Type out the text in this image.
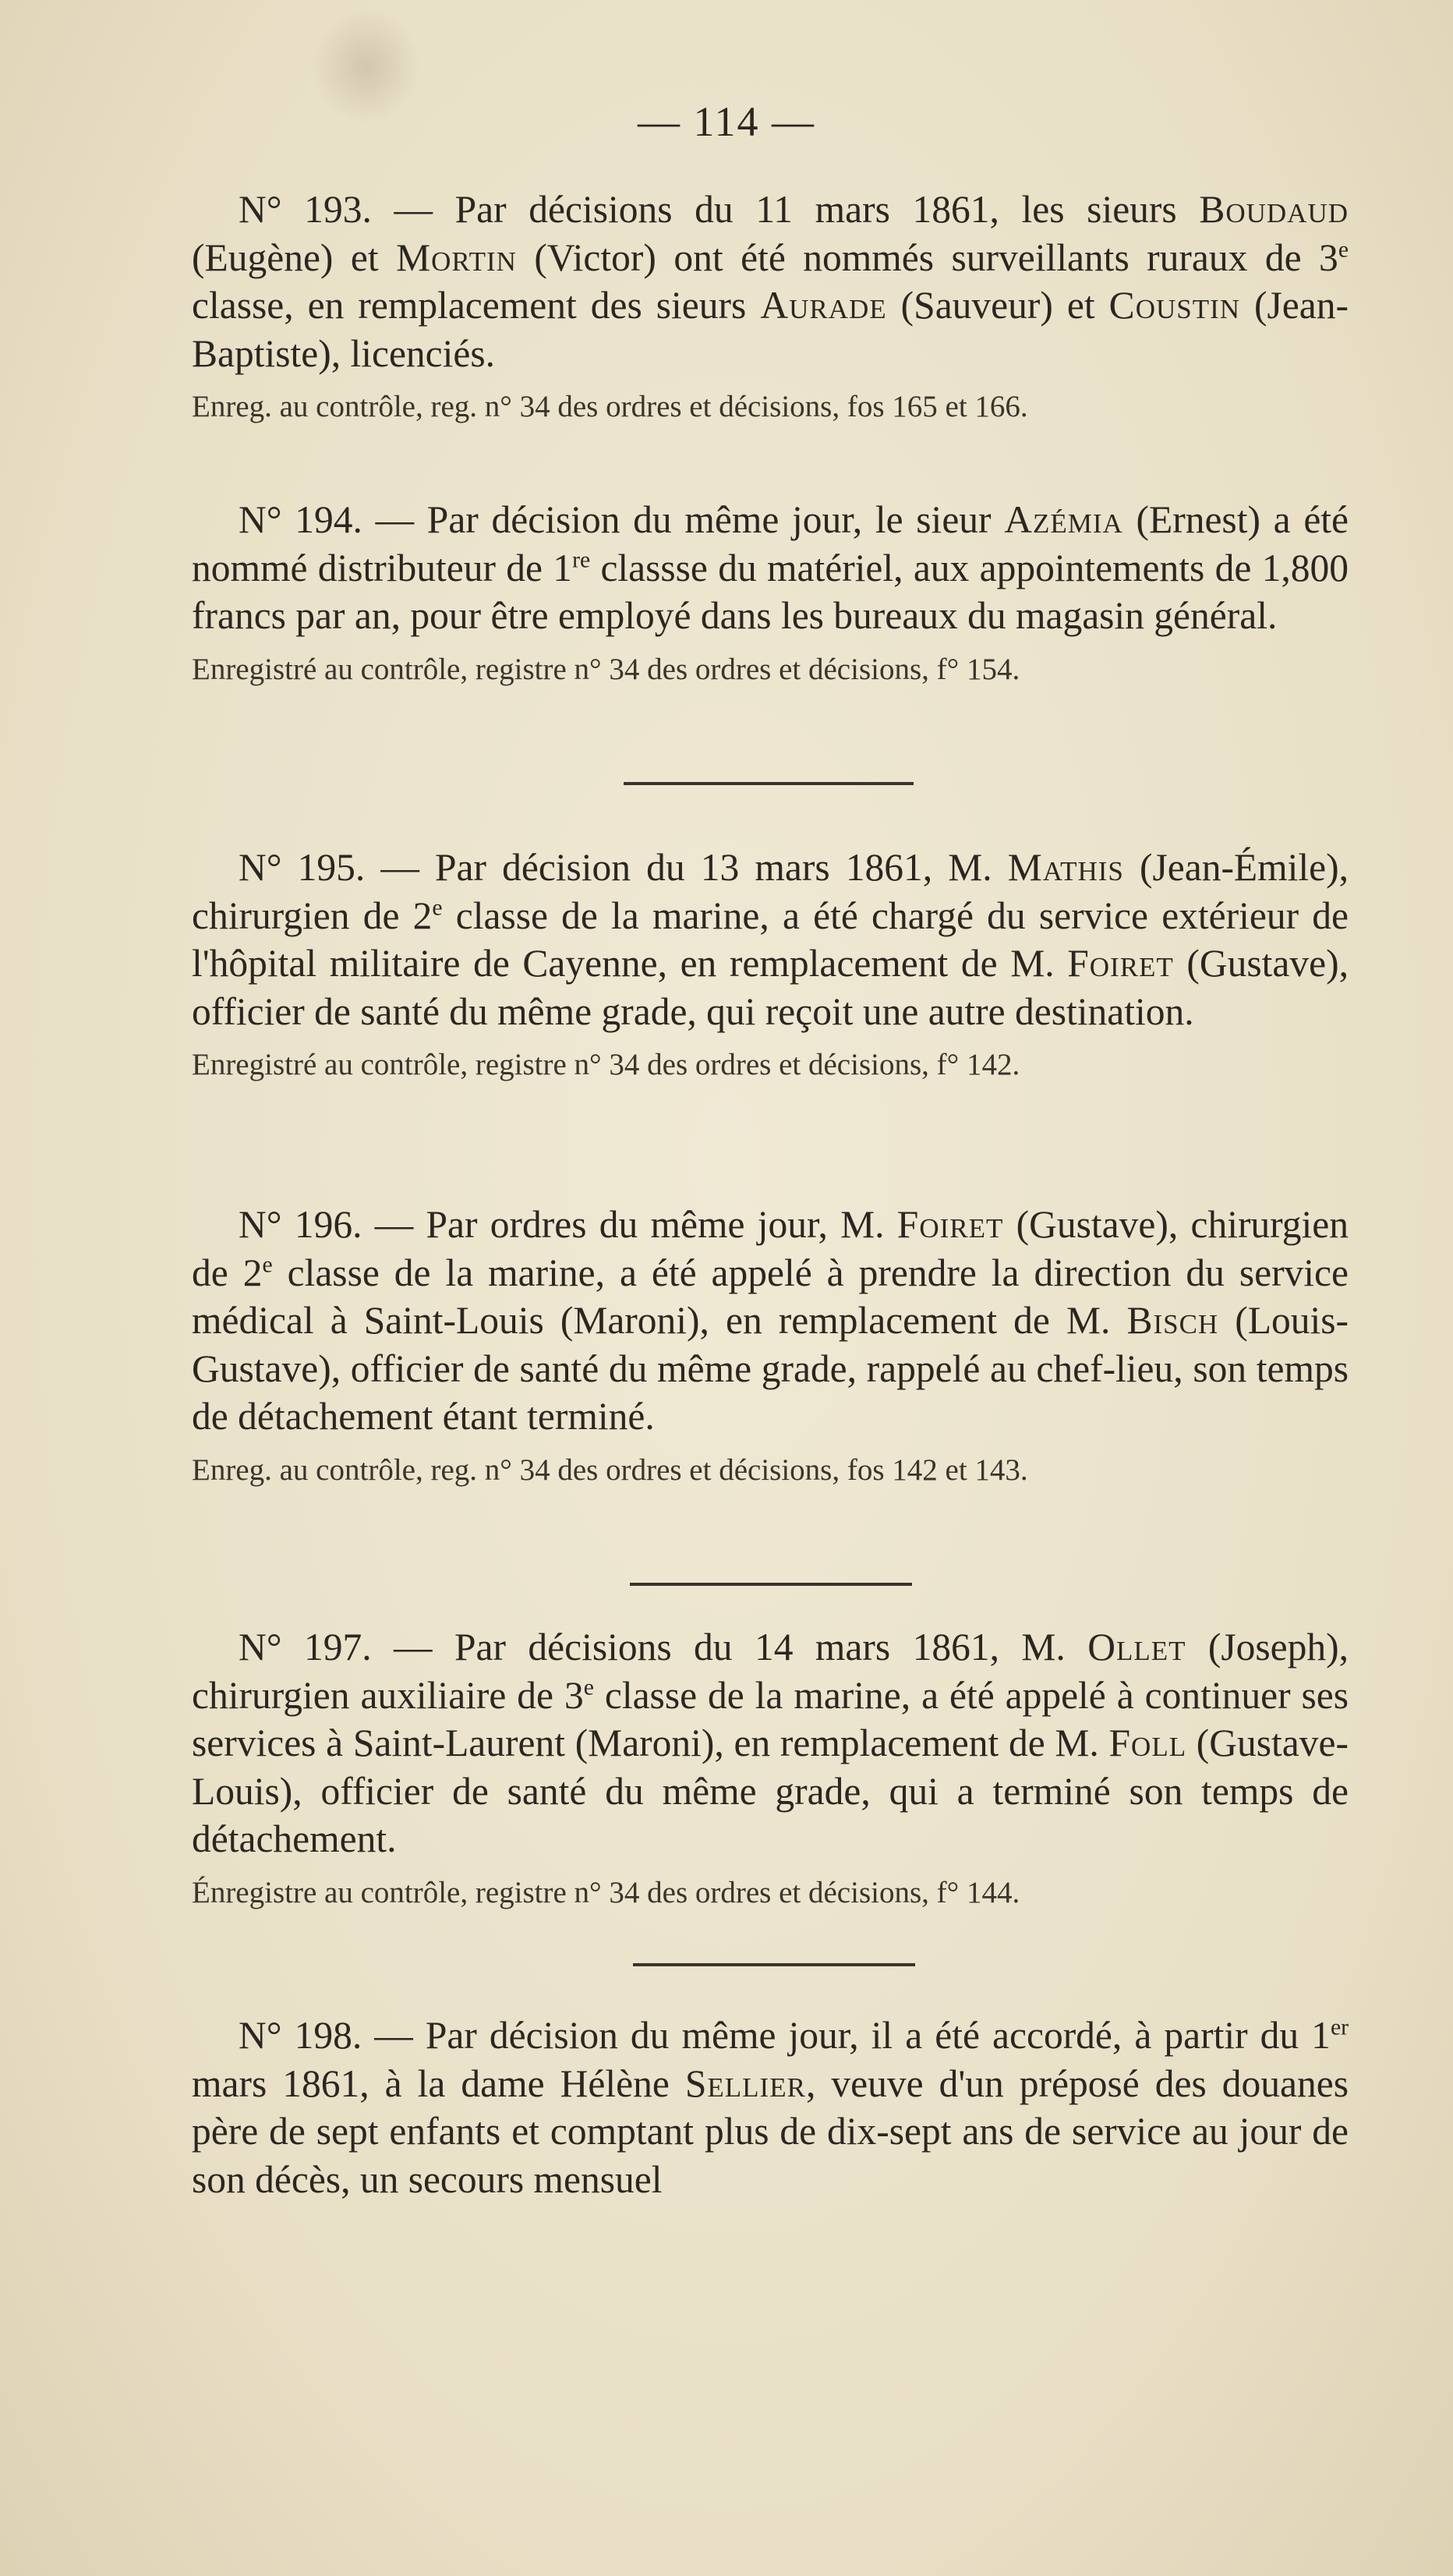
— 114 —

N° 193. — Par décisions du 11 mars 1861, les sieurs Boudaud (Eugène) et Mortin (Victor) ont été nommés surveillants ruraux de 3e classe, en remplacement des sieurs Aurade (Sauveur) et Coustin (Jean-Baptiste), licenciés.

Enreg. au contrôle, reg. n° 34 des ordres et décisions, fos 165 et 166.

N° 194. — Par décision du même jour, le sieur Azémia (Ernest) a été nommé distributeur de 1re classse du matériel, aux appointements de 1,800 francs par an, pour être employé dans les bureaux du magasin général.

Enregistré au contrôle, registre n° 34 des ordres et décisions, f° 154.

N° 195. — Par décision du 13 mars 1861, M. Mathis (Jean-Émile), chirurgien de 2e classe de la marine, a été chargé du service extérieur de l'hôpital militaire de Cayenne, en remplacement de M. Foiret (Gustave), officier de santé du même grade, qui reçoit une autre destination.

Enregistré au contrôle, registre n° 34 des ordres et décisions, f° 142.

N° 196. — Par ordres du même jour, M. Foiret (Gustave), chirurgien de 2e classe de la marine, a été appelé à prendre la direction du service médical à Saint-Louis (Maroni), en remplacement de M. Bisch (Louis-Gustave), officier de santé du même grade, rappelé au chef-lieu, son temps de détachement étant terminé.

Enreg. au contrôle, reg. n° 34 des ordres et décisions, fos 142 et 143.

N° 197. — Par décisions du 14 mars 1861, M. Ollet (Joseph), chirurgien auxiliaire de 3e classe de la marine, a été appelé à continuer ses services à Saint-Laurent (Maroni), en remplacement de M. Foll (Gustave-Louis), officier de santé du même grade, qui a terminé son temps de détachement.

Énregistre au contrôle, registre n° 34 des ordres et décisions, f° 144.

N° 198. — Par décision du même jour, il a été accordé, à partir du 1er mars 1861, à la dame Hélène Sellier, veuve d'un préposé des douanes père de sept enfants et comptant plus de dix-sept ans de service au jour de son décès, un secours mensuel
